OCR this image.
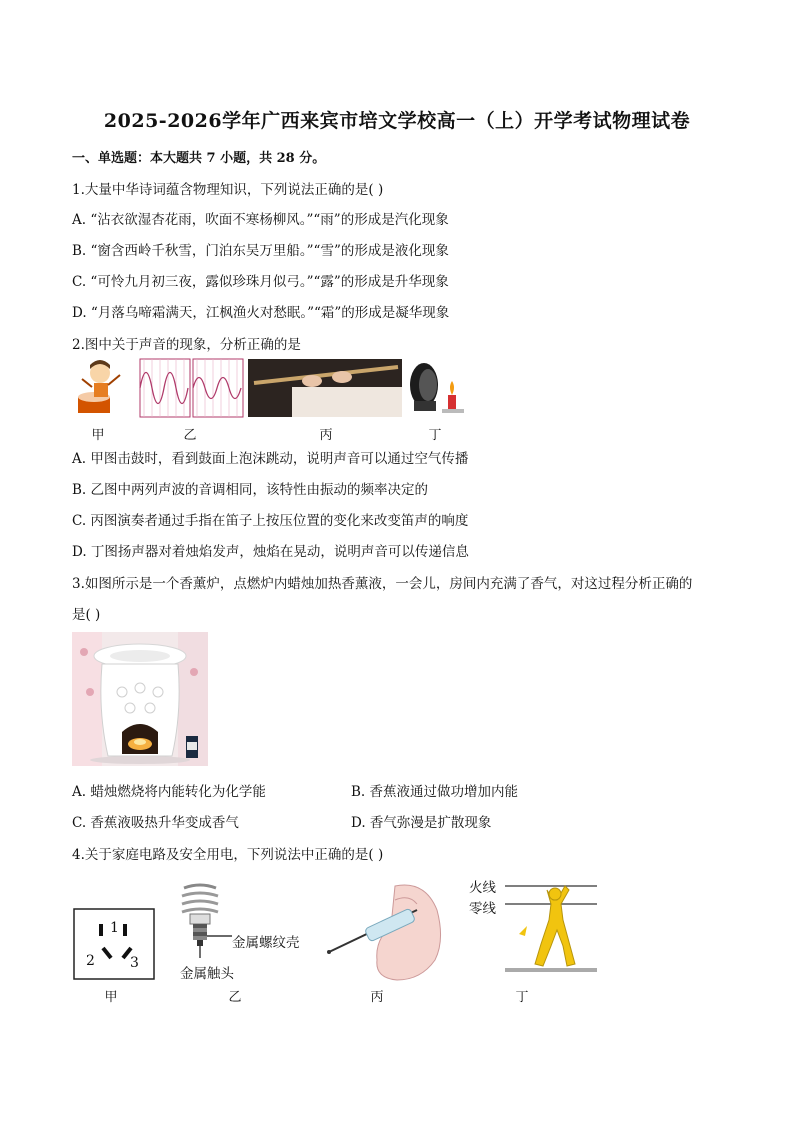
2025-2026学年广西来宾市培文学校高一（上）开学考试物理试卷
一、单选题：本大题共 7 小题，共 28 分。
1.大量中华诗词蕴含物理知识，下列说法正确的是( )
A. “沾衣欲湿杏花雨，吹面不寒杨柳风。”“雨”的形成是汽化现象
B. “窗含西岭千秋雪，门泊东吴万里船。”“雪”的形成是液化现象
C. “可怜九月初三夜，露似珍珠月似弓。”“露”的形成是升华现象
D. “月落乌啼霜满天，江枫渔火对愁眠。”“霜”的形成是凝华现象
2.图中关于声音的现象，分析正确的是
甲	乙	丙	丁
A. 甲图击鼓时，看到鼓面上泡沫跳动，说明声音可以通过空气传播
B. 乙图中两列声波的音调相同，该特性由振动的频率决定的
C. 丙图演奏者通过手指在笛子上按压位置的变化来改变笛声的响度
D. 丁图扬声器对着烛焰发声，烛焰在晃动，说明声音可以传递信息
3.如图所示是一个香薰炉，点燃炉内蜡烛加热香薰液，一会儿，房间内充满了香气，对这过程分析正确的
是( )
A. 蜡烛燃烧将内能转化为化学能	B. 香蕉液通过做功增加内能
C. 香蕉液吸热升华变成香气	D. 香气弥漫是扩散现象
4.关于家庭电路及安全用电，下列说法中正确的是( )
1
2	3
金属螺纹壳
金属触头
火线
零线
甲	乙	丙	丁
